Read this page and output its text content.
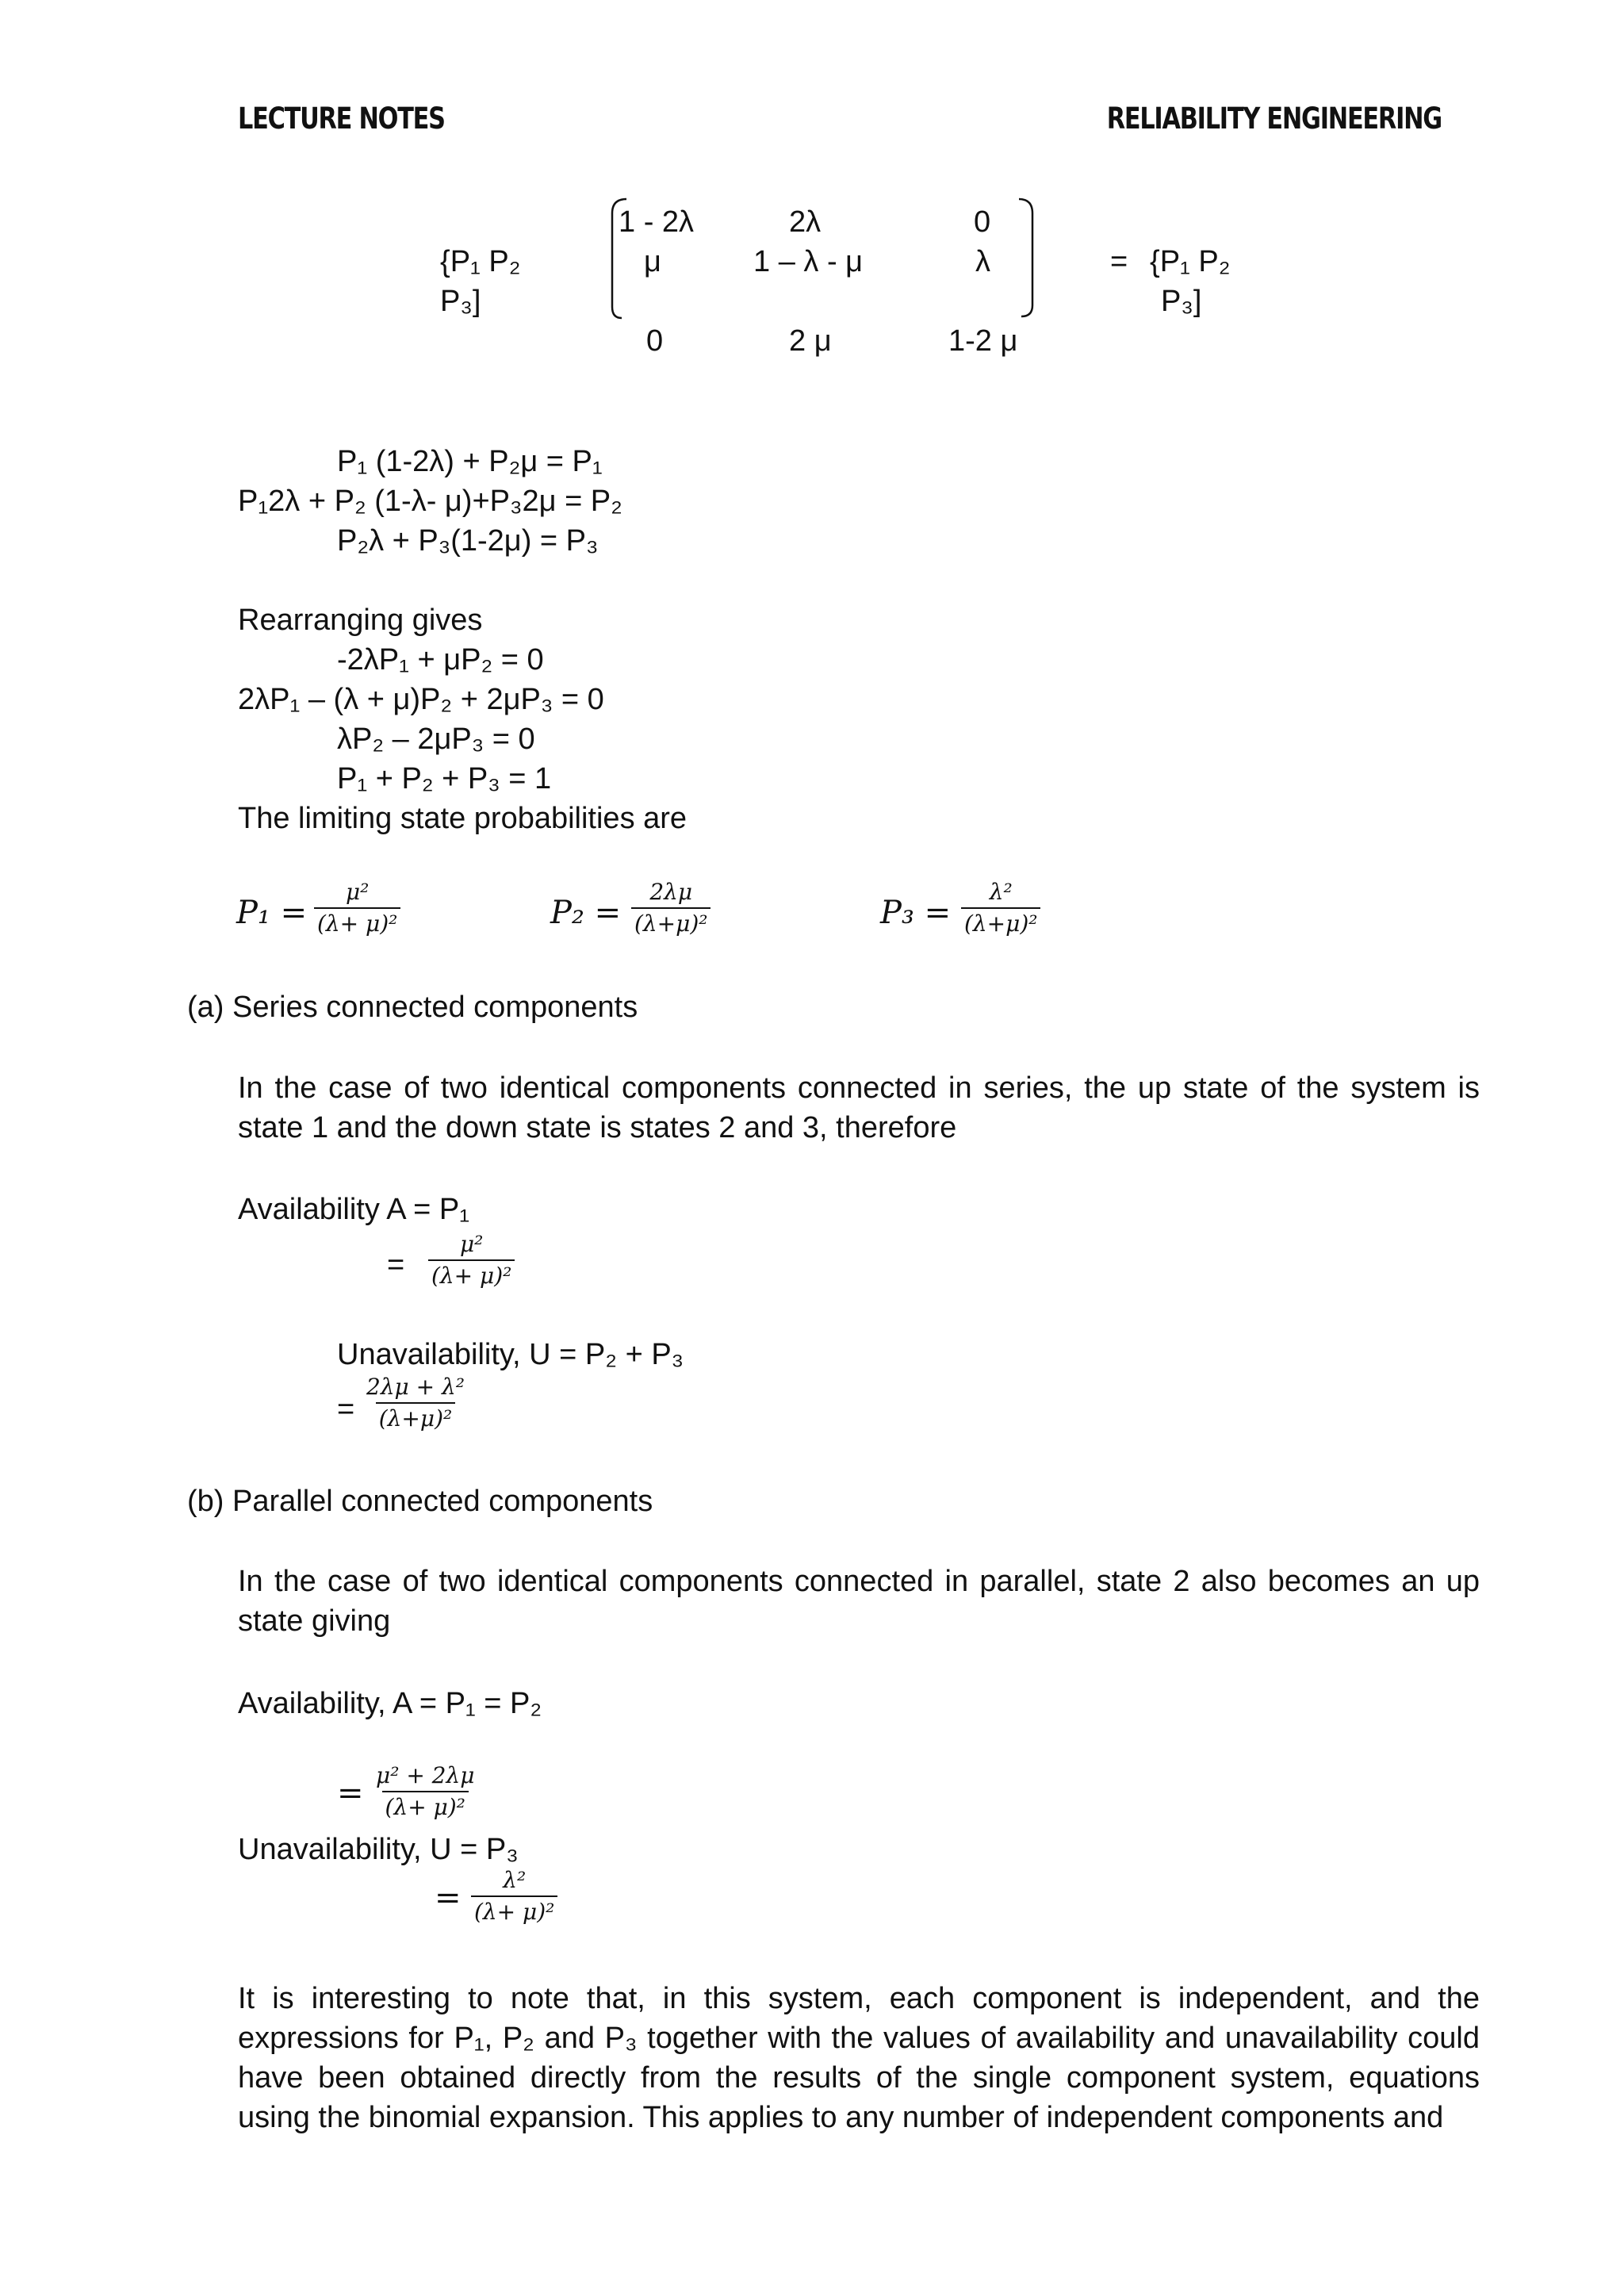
LECTURE NOTES	RELIABILITY ENGINEERING
{P₁ P₂
P₃]
1 - 2λ	2λ	0
μ	1 – λ - μ	λ
0	2 μ	1-2 μ
= {P₁ P₂
P₃]
P₁ (1-2λ) + P₂μ = P₁
P₁2λ + P₂ (1-λ- μ)+P₃2μ = P₂
P₂λ + P₃(1-2μ) = P₃
Rearranging gives
-2λP₁ + μP₂ = 0
2λP₁ – (λ + μ)P₂ + 2μP₃ = 0
λP₂ – 2μP₃ = 0
P₁ + P₂ + P₃ = 1
The limiting state probabilities are
$P_1 = \frac{\text{μ²}}{\text{(λ+ μ)²}}$	$P_2 = \frac{2\lambda\mu}{\text{(λ+μ)²}}$	$P_3 = \frac{\text{λ²}}{\text{(λ+μ)²}}$
(a) Series connected components
In the case of two identical components connected in series, the up state of the system is state 1 and the down state is states 2 and 3, therefore
Availability A = P₁
= $\frac{\text{μ²}}{\text{(λ+ μ)²}}$
Unavailability, U = P₂ + P₃
= $\frac{\text{2λμ + λ²}}{\text{(λ+μ)²}}$
(b) Parallel connected components
In the case of two identical components connected in parallel, state 2 also becomes an up state giving
Availability, A = P₁ = P₂
= $\frac{\text{μ² + 2λμ}}{\text{(λ+ μ)²}}$
Unavailability, U = P₃
= $\frac{\text{λ²}}{\text{(λ+ μ)²}}$
It is interesting to note that, in this system, each component is independent, and the expressions for P₁, P₂ and P₃ together with the values of availability and unavailability could have been obtained directly from the results of the single component system, equations using the binomial expansion. This applies to any number of independent components and
